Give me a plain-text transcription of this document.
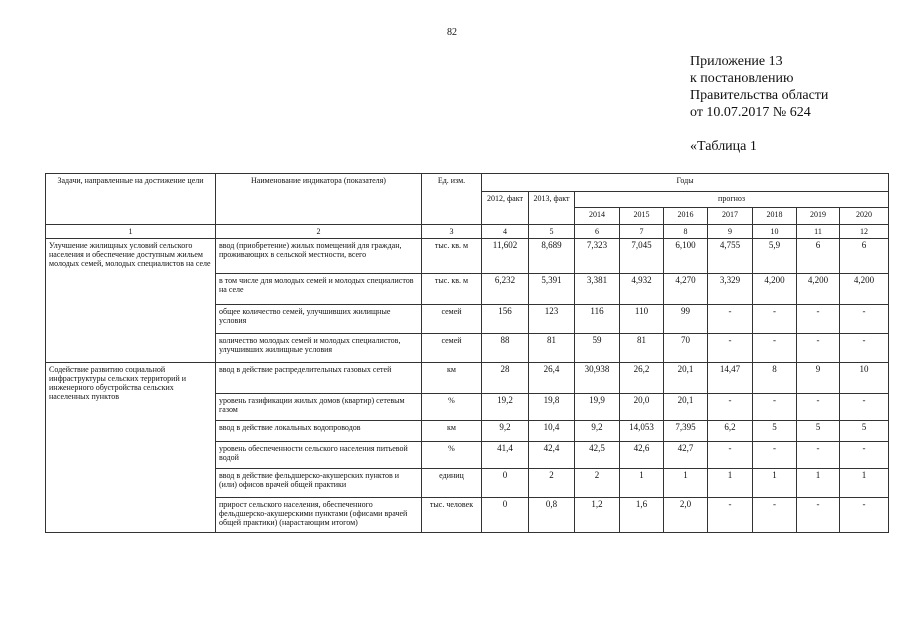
82
Приложение 13
к постановлению
Правительства области
от 10.07.2017 № 624
«Таблица 1
Задачи, направленные на достижение цели	Наименование индикатора (показателя)	Ед. изм.	Годы								
			2012, факт	2013, факт	прогноз						
					2014	2015	2016	2017	2018	2019	2020
1	2	3	4	5	6	7	8	9	10	11	12
Улучшение жилищных условий сельского населения и обеспечение доступным жильем молодых семей, молодых специалистов на селе	ввод (приобретение) жилых помещений для граждан, проживающих в сельской местности, всего	тыс. кв. м	11,602	8,689	7,323	7,045	6,100	4,755	5,9	6	6
	в том числе для молодых семей и молодых специалистов на селе	тыс. кв. м	6,232	5,391	3,381	4,932	4,270	3,329	4,200	4,200	4,200
	общее количество семей, улучшивших жилищные условия	семей	156	123	116	110	99	-	-	-	-
	количество молодых семей и молодых специалистов, улучшивших жилищные условия	семей	88	81	59	81	70	-	-	-	-
Содействие развитию социальной инфраструктуры сельских территорий и инженерного обустройства сельских населенных пунктов	ввод в действие распределительных газовых сетей	км	28	26,4	30,938	26,2	20,1	14,47	8	9	10
	уровень газификации жилых домов (квартир) сетевым газом	%	19,2	19,8	19,9	20,0	20,1	-	-	-	-
	ввод в действие локальных водопроводов	км	9,2	10,4	9,2	14,053	7,395	6,2	5	5	5
	уровень обеспеченности сельского населения питьевой водой	%	41,4	42,4	42,5	42,6	42,7	-	-	-	-
	ввод в действие фельдшерско-акушерских пунктов и (или) офисов врачей общей практики	единиц	0	2	2	1	1	1	1	1	1
	прирост сельского населения, обеспеченного фельдшерско-акушерскими пунктами (офисами врачей общей практики) (нарастающим итогом)	тыс. человек	0	0,8	1,2	1,6	2,0	-	-	-	-
